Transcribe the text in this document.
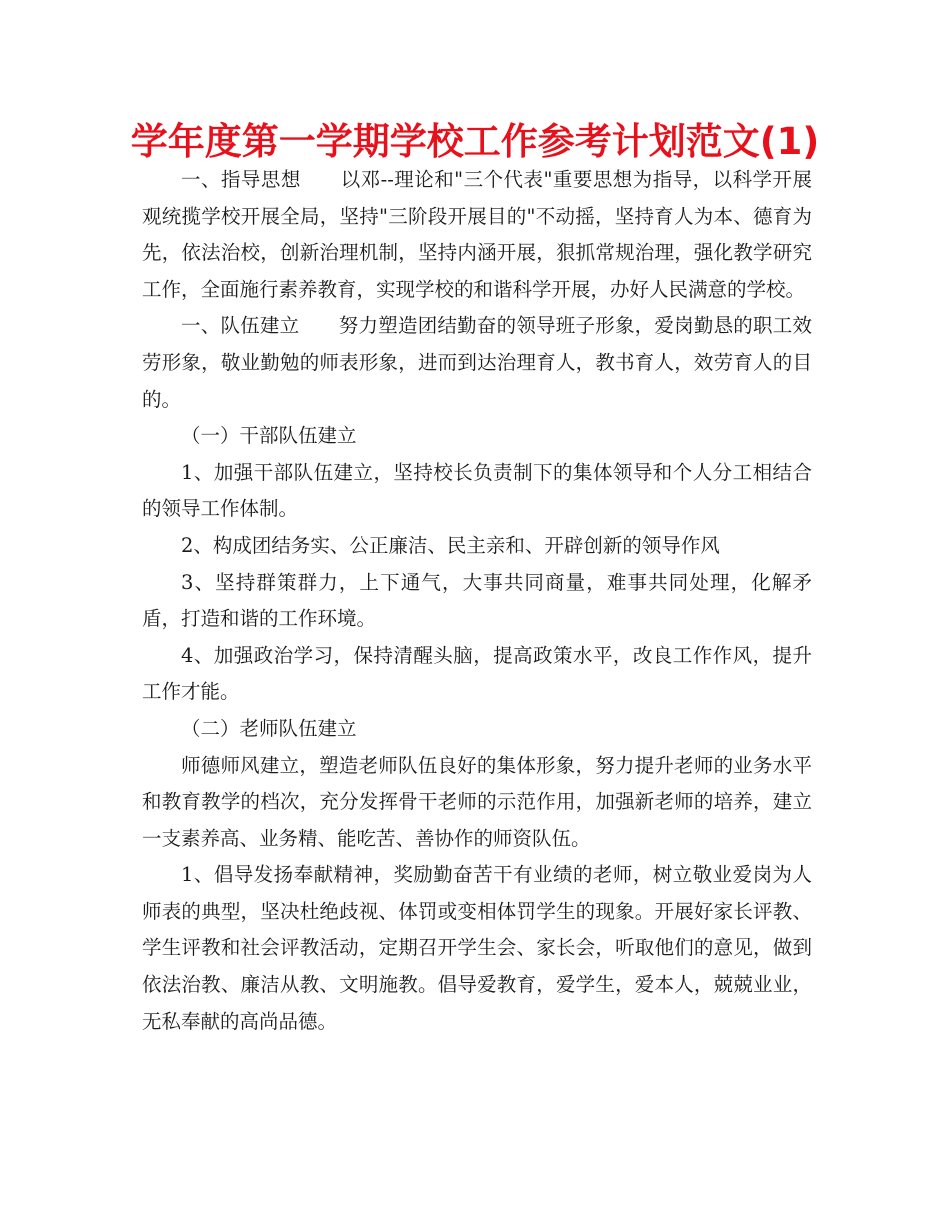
学年度第一学期学校工作参考计划范文(1)

一、指导思想　　以邓--理论和"三个代表"重要思想为指导，以科学开展观统揽学校开展全局，坚持"三阶段开展目的"不动摇，坚持育人为本、德育为先，依法治校，创新治理机制，坚持内涵开展，狠抓常规治理，强化教学研究工作，全面施行素养教育，实现学校的和谐科学开展，办好人民满意的学校。

一、队伍建立　　努力塑造团结勤奋的领导班子形象，爱岗勤恳的职工效劳形象，敬业勤勉的师表形象，进而到达治理育人，教书育人，效劳育人的目的。

（一）干部队伍建立

1、加强干部队伍建立，坚持校长负责制下的集体领导和个人分工相结合的领导工作体制。

2、构成团结务实、公正廉洁、民主亲和、开辟创新的领导作风

3、坚持群策群力，上下通气，大事共同商量，难事共同处理，化解矛盾，打造和谐的工作环境。

4、加强政治学习，保持清醒头脑，提高政策水平，改良工作作风，提升工作才能。

（二）老师队伍建立

师德师风建立，塑造老师队伍良好的集体形象，努力提升老师的业务水平和教育教学的档次，充分发挥骨干老师的示范作用，加强新老师的培养，建立一支素养高、业务精、能吃苦、善协作的师资队伍。

1、倡导发扬奉献精神，奖励勤奋苦干有业绩的老师，树立敬业爱岗为人师表的典型，坚决杜绝歧视、体罚或变相体罚学生的现象。开展好家长评教、学生评教和社会评教活动，定期召开学生会、家长会，听取他们的意见，做到依法治教、廉洁从教、文明施教。倡导爱教育，爱学生，爱本人，兢兢业业，无私奉献的高尚品德。
